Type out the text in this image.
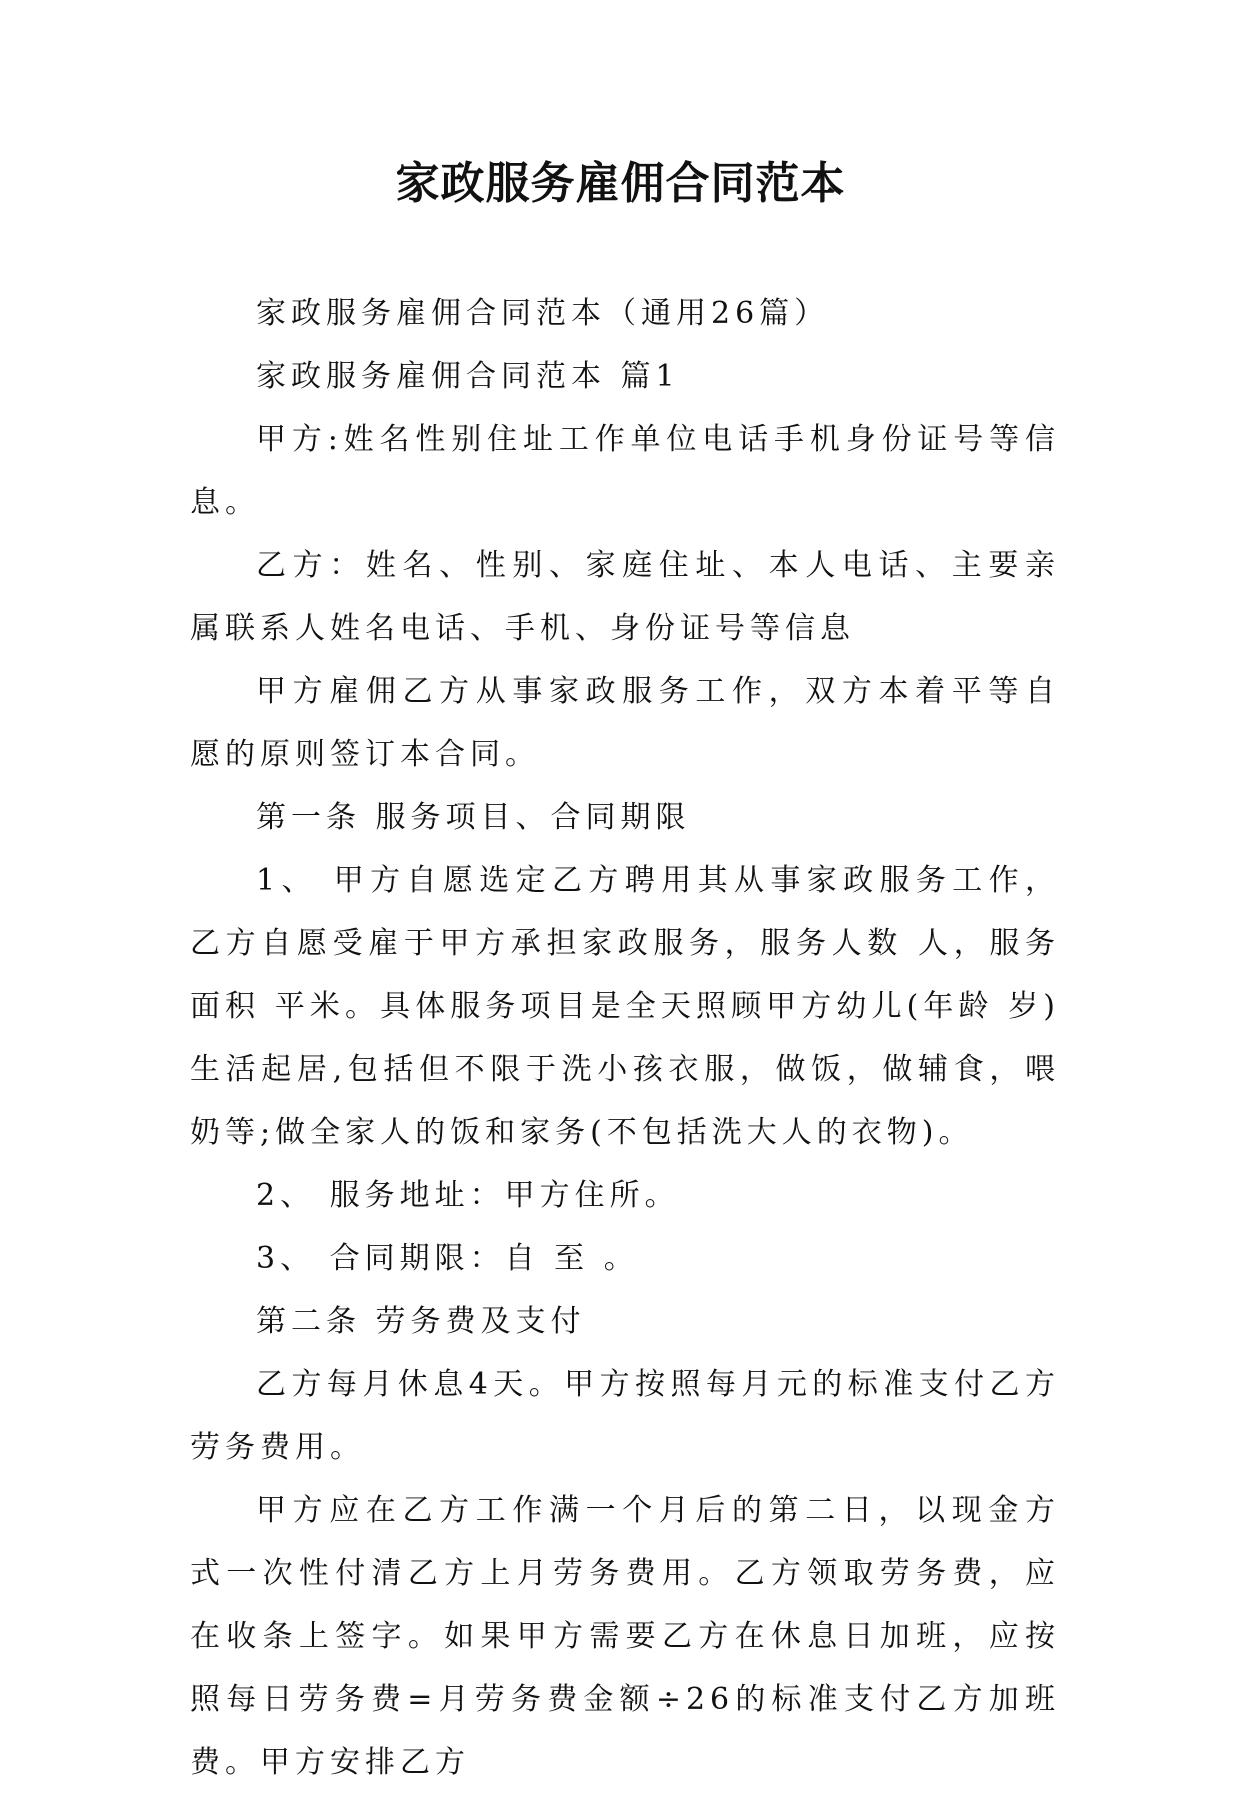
家政服务雇佣合同范本

家政服务雇佣合同范本（通用26篇）

家政服务雇佣合同范本 篇1

甲方:姓名性别住址工作单位电话手机身份证号等信息。

乙方：姓名、性别、家庭住址、本人电话、主要亲属联系人姓名电话、手机、身份证号等信息

甲方雇佣乙方从事家政服务工作，双方本着平等自愿的原则签订本合同。

第一条 服务项目、合同期限

1、 甲方自愿选定乙方聘用其从事家政服务工作，乙方自愿受雇于甲方承担家政服务，服务人数 人，服务面积 平米。具体服务项目是全天照顾甲方幼儿(年龄 岁)生活起居,包括但不限于洗小孩衣服，做饭，做辅食，喂奶等;做全家人的饭和家务(不包括洗大人的衣物)。

2、 服务地址：甲方住所。

3、 合同期限：自 至 。

第二条 劳务费及支付

乙方每月休息4天。甲方按照每月元的标准支付乙方劳务费用。

甲方应在乙方工作满一个月后的第二日，以现金方式一次性付清乙方上月劳务费用。乙方领取劳务费，应在收条上签字。如果甲方需要乙方在休息日加班，应按照每日劳务费=月劳务费金额÷26的标准支付乙方加班费。甲方安排乙方
